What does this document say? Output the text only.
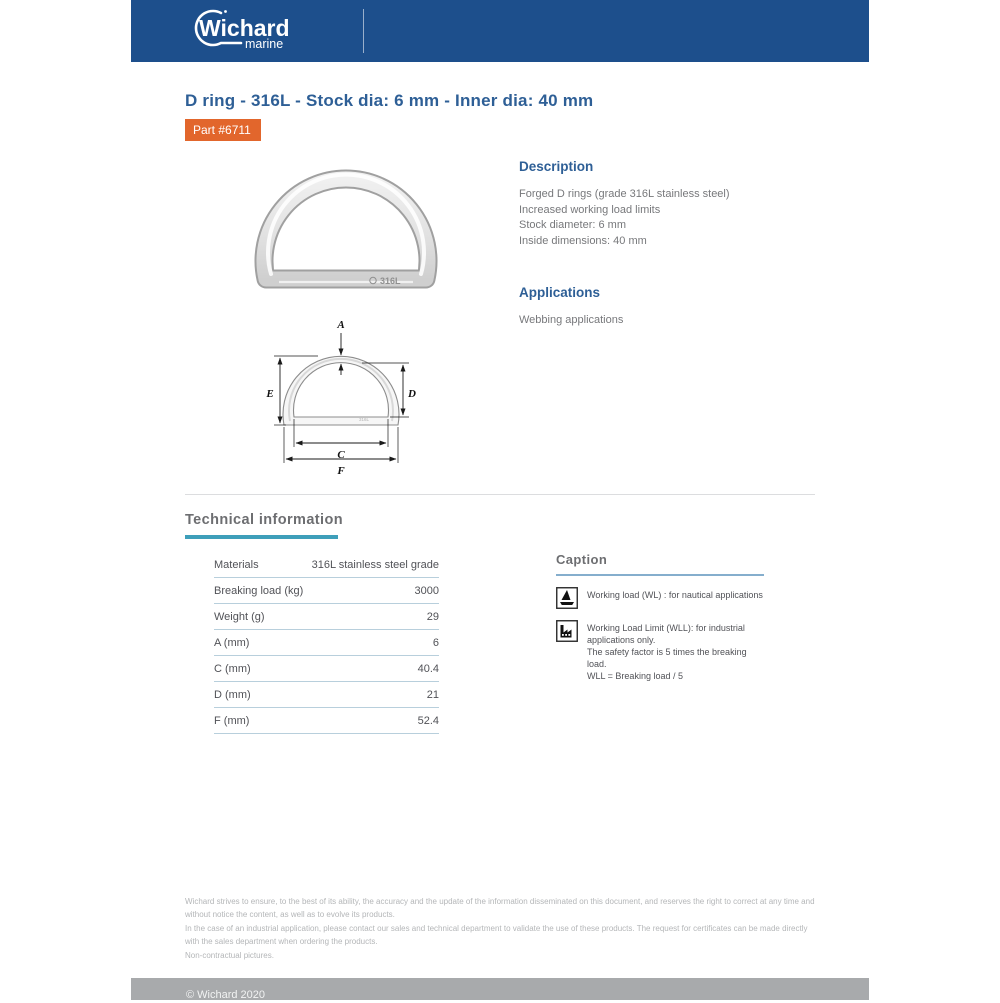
Wichard
marine
D ring - 316L - Stock dia: 6 mm - Inner dia: 40 mm
Part #6711
316L
316L
A
E	D
C
F
Description
Forged D rings (grade 316L stainless steel)
Increased working load limits
Stock diameter: 6 mm
Inside dimensions: 40 mm
Applications
Webbing applications
Technical information
Materials	316L stainless steel grade
Breaking load (kg)	3000
Weight (g)	29
A (mm)	6
C (mm)	40.4
D (mm)	21
F (mm)	52.4
Caption

Working load (WL) : for nautical applications

Working Load Limit (WLL): for industrial applications only.

The safety factor is 5 times the breaking load.

WLL = Breaking load / 5

Wichard strives to ensure, to the best of its ability, the accuracy and the update of the information disseminated on this document, and reserves the right to correct at any time and without notice the content, as well as to evolve its products.

In the case of an industrial application, please contact our sales and technical department to validate the use of these products. The request for certificates can be made directly with the sales department when ordering the products.

Non-contractual pictures.

© Wichard 2020
